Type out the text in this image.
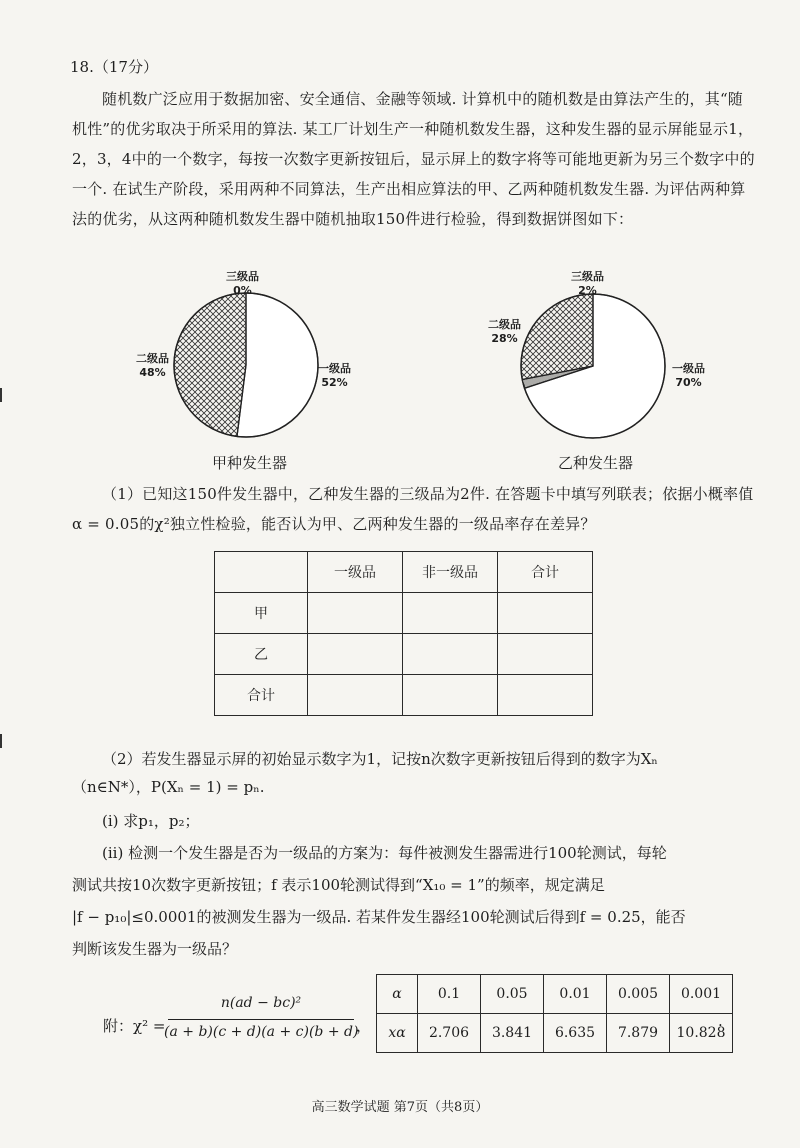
18.（17分）

随机数广泛应用于数据加密、安全通信、金融等领域. 计算机中的随机数是由算法产生的，其“随机性”的优劣取决于所采用的算法. 某工厂计划生产一种随机数发生器，这种发生器的显示屏能显示1，2，3，4中的一个数字，每按一次数字更新按钮后，显示屏上的数字将等可能地更新为另三个数字中的一个. 在试生产阶段，采用两种不同算法，生产出相应算法的甲、乙两种随机数发生器. 为评估两种算法的优劣，从这两种随机数发生器中随机抽取150件进行检验，得到数据饼图如下：

三级品
0%
二级品
48%	一级品
52%
甲种发生器
三级品
2%
二级品
28%
一级品
70%
乙种发生器

（1）已知这150件发生器中，乙种发生器的三级品为2件. 在答题卡中填写列联表；依据小概率值α = 0.05的χ²独立性检验，能否认为甲、乙两种发生器的一级品率存在差异？

	一级品	非一级品	合计
甲			
乙			
合计			
（2）若发生器显示屏的初始显示数字为1，记按n次数字更新按钮后得到的数字为Xₙ
（n∈N*），P(Xₙ = 1) = pₙ.
(i) 求p₁，p₂；
(ii) 检测一个发生器是否为一级品的方案为：每件被测发生器需进行100轮测试，每轮
测试共按10次数字更新按钮；f 表示100轮测试得到“X₁₀ = 1”的频率，规定满足
|f − p₁₀|≤0.0001的被测发生器为一级品. 若某件发生器经100轮测试后得到f = 0.25，能否
判断该发生器为一级品？
附：χ² =
n(ad − bc)²
(a + b)(c + d)(a + c)(b + d)
，
α	0.1	0.05	0.01	0.005	0.001
xα	2.706	3.841	6.635	7.879	10.828
.
高三数学试题 第7页（共8页）
